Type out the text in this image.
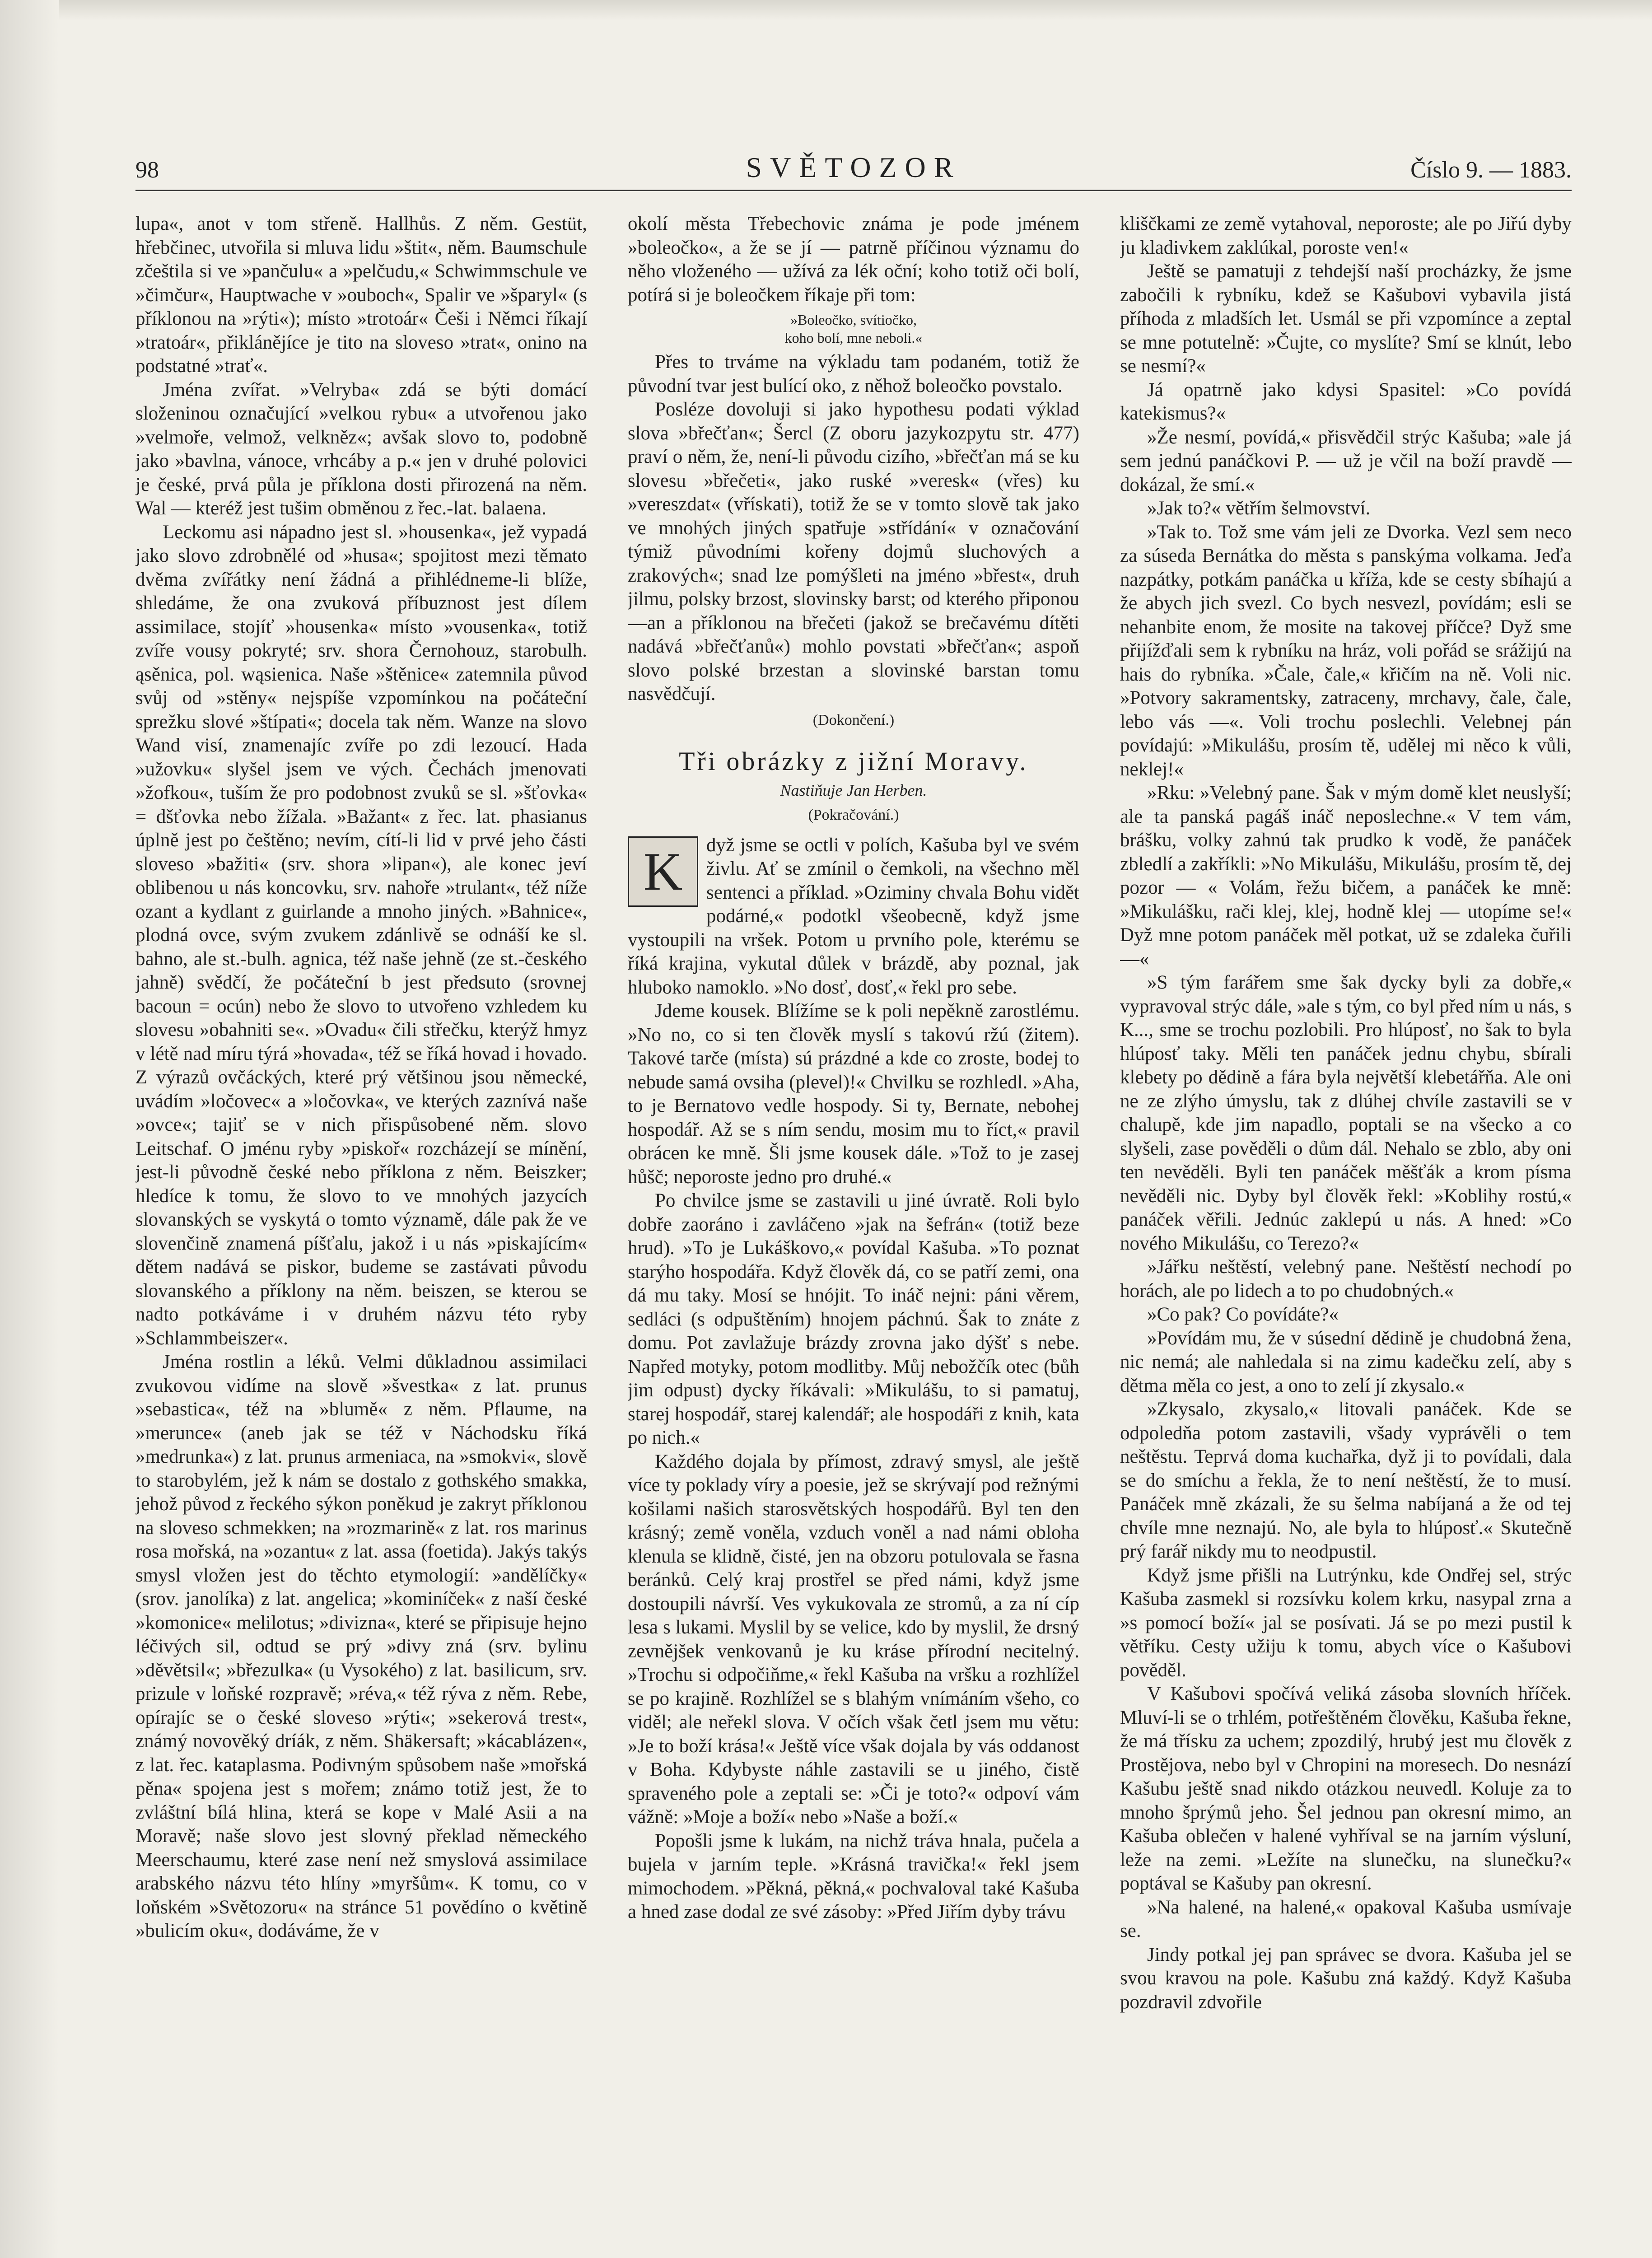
98	SVĚTOZOR	Číslo 9. — 1883.

lupa«, anot v tom střeně. Hallhůs. Z něm. Gestüt, hřebčinec, utvořila si mluva lidu »štit«, něm. Baumschule zčeštila si ve »pančulu« a »pelčudu,« Schwimmschule ve »čimčur«, Hauptwache v »ouboch«, Spalir ve »šparyl« (s příklonou na »rýti«); místo »trotoár« Češi i Němci říkají »tratoár«, přiklánějíce je tito na sloveso »trat«, onino na podstatné »trať«.

Jména zvířat. »Velryba« zdá se býti domácí složeninou označující »velkou rybu« a utvořenou jako »velmoře, velmož, velkněz«; avšak slovo to, podobně jako »bavlna, vánoce, vrhcáby a p.« jen v druhé polovici je české, prvá půla je příklona dosti přirozená na něm. Wal — kteréž jest tušim obměnou z řec.-lat. balaena.

Leckomu asi nápadno jest sl. »housenka«, jež vypadá jako slovo zdrobnělé od »husa«; spojitost mezi těmato dvěma zvířátky není žádná a přihlédneme-li blíže, shledáme, že ona zvuková příbuznost jest dílem assimilace, stojíť »housenka« místo »vousenka«, totiž zvíře vousy pokryté; srv. shora Černohouz, starobulh. ąsěnica, pol. wąsienica. Naše »štěnice« zatemnila původ svůj od »stěny« nejspíše vzpomínkou na počáteční sprežku slové »štípati«; docela tak něm. Wanze na slovo Wand visí, znamenajíc zvíře po zdi lezoucí. Hada »užovku« slyšel jsem ve vých. Čechách jmenovati »žofkou«, tuším že pro podobnost zvuků se sl. »šťovka« = dšťovka nebo žížala. »Bažant« z řec. lat. phasianus úplně jest po češtěno; nevím, cítí-li lid v prvé jeho části sloveso »bažiti« (srv. shora »lipan«), ale konec jeví oblibenou u nás koncovku, srv. nahoře »trulant«, též níže ozant a kydlant z guirlande a mnoho jiných. »Bahnice«, plodná ovce, svým zvukem zdánlivě se odnáší ke sl. bahno, ale st.-bulh. agnica, též naše jehně (ze st.-českého jahně) svědčí, že počáteční b jest předsuto (srovnej bacoun = ocún) nebo že slovo to utvořeno vzhledem ku slovesu »obahniti se«. »Ovadu« čili střečku, kterýž hmyz v létě nad míru týrá »hovada«, též se říká hovad i hovado. Z výrazů ovčáckých, které prý většinou jsou německé, uvádím »ločovec« a »ločovka«, ve kterých zaznívá naše »ovce«; tajiť se v nich přispůsobené něm. slovo Leitschaf. O jménu ryby »piskoř« rozcházejí se mínění, jest-li původně české nebo příklona z něm. Beiszker; hledíce k tomu, že slovo to ve mnohých jazycích slovanských se vyskytá o tomto významě, dále pak že ve slovenčině znamená píšťalu, jakož i u nás »piskajícím« dětem nadává se piskor, budeme se zastávati původu slovanského a příklony na něm. beiszen, se kterou se nadto potkáváme i v druhém názvu této ryby »Schlammbeiszer«.

Jména rostlin a léků. Velmi důkladnou assimilaci zvukovou vidíme na slově »švestka« z lat. prunus »sebastica«, též na »blumě« z něm. Pflaume, na »merunce« (aneb jak se též v Náchodsku říká »medrunka«) z lat. prunus armeniaca, na »smokvi«, slově to starobylém, jež k nám se dostalo z gothského smakka, jehož původ z řeckého sýkon poněkud je zakryt příklonou na sloveso schmekken; na »rozmarině« z lat. ros marinus rosa mořská, na »ozantu« z lat. assa (foetida). Jakýs takýs smysl vložen jest do těchto etymologií: »andělíčky« (srov. janolíka) z lat. angelica; »kominíček« z naší české »komonice« melilotus; »divizna«, které se připisuje hejno léčivých sil, odtud se prý »divy zná (srv. bylinu »děvětsil«; »březulka« (u Vysokého) z lat. basilicum, srv. prizule v loňské rozpravě; »réva,« též rýva z něm. Rebe, opírajíc se o české sloveso »rýti«; »sekerová trest«, známý novověký dríák, z něm. Shäkersaft; »kácablázen«, z lat. řec. kataplasma. Podivným spůsobem naše »mořská pěna« spojena jest s mořem; známo totiž jest, že to zvláštní bílá hlina, která se kope v Malé Asii a na Moravě; naše slovo jest slovný překlad německého Meerschaumu, které zase není než smyslová assimilace arabského názvu této hlíny »myršům«. K tomu, co v loňském »Světozoru« na stránce 51 povědíno o květině »bulicím oku«, dodáváme, že v

okolí města Třebechovic známa je pode jménem »boleočko«, a že se jí — patrně příčinou významu do něho vloženého — užívá za lék oční; koho totiž oči bolí, potírá si je boleočkem říkaje při tom:

»Boleočko, svítiočko,
koho bolí, mne neboli.«

Přes to trváme na výkladu tam podaném, totiž že původní tvar jest bulící oko, z něhož boleočko povstalo.

Posléze dovoluji si jako hypothesu podati výklad slova »břečťan«; Šercl (Z oboru jazykozpytu str. 477) praví o něm, že, není-li původu cizího, »břečťan má se ku slovesu »břečeti«, jako ruské »veresk« (vřes) ku »vereszdat« (vřískati), totiž že se v tomto slově tak jako ve mnohých jiných spatřuje »střídání« v označování týmiž původními kořeny dojmů sluchových a zrakových«; snad lze pomýšleti na jméno »břest«, druh jilmu, polsky brzost, slovinsky barst; od kterého připonou —an a příklonou na břečeti (jakož se brečavému dítěti nadává »břečťanů«) mohlo povstati »břečťan«; aspoň slovo polské brzestan a slovinské barstan tomu nasvědčují.

(Dokončení.)
Tři obrázky z jižní Moravy.
Nastiňuje Jan Herben.
(Pokračování.)
K	dyž jsme se octli v polích, Kašuba byl ve svém živlu. Ať se zmínil o čemkoli, na všechno měl sentenci a příklad. »Oziminy chvala Bohu vidět podárné,« podotkl všeobecně, když jsme vystoupili na vršek. Potom u prvního pole, kterému se říká krajina, vykutal důlek v brázdě, aby poznal, jak hluboko namoklo. »No dosť, dosť,« řekl pro sebe.

Jdeme kousek. Blížíme se k poli nepěkně zarostlému. »No no, co si ten člověk myslí s takovú ržú (žitem). Takové tarče (místa) sú prázdné a kde co zroste, bodej to nebude samá ovsiha (plevel)!« Chvilku se rozhledl. »Aha, to je Bernatovo vedle hospody. Si ty, Bernate, nebohej hospodář. Až se s ním sendu, mosim mu to říct,« pravil obrácen ke mně. Šli jsme kousek dále. »Tož to je zasej hůšč; neporoste jedno pro druhé.«

Po chvilce jsme se zastavili u jiné úvratě. Roli bylo dobře zaoráno i zavláčeno »jak na šefrán« (totiž beze hrud). »To je Lukáškovo,« povídal Kašuba. »To poznat starýho hospodářa. Když člověk dá, co se patří zemi, ona dá mu taky. Mosí se hnójit. To ináč nejni: páni věrem, sedláci (s odpuštěním) hnojem páchnú. Šak to znáte z domu. Pot zavlažuje brázdy zrovna jako dýšť s nebe. Napřed motyky, potom modlitby. Můj nebožčík otec (bůh jim odpust) dycky říkávali: »Mikulášu, to si pamatuj, starej hospodář, starej kalendář; ale hospodáři z knih, kata po nich.«

Každého dojala by přímost, zdravý smysl, ale ještě více ty poklady víry a poesie, jež se skrývají pod režnými košilami našich starosvětských hospodářů. Byl ten den krásný; země voněla, vzduch voněl a nad námi obloha klenula se klidně, čisté, jen na obzoru potulovala se řasna beránků. Celý kraj prostřel se před námi, když jsme dostoupili návrší. Ves vykukovala ze stromů, a za ní cíp lesa s lukami. Myslil by se velice, kdo by myslil, že drsný zevnějšek venkovanů je ku kráse přírodní necitelný. »Trochu si odpočiňme,« řekl Kašuba na vršku a rozhlížel se po krajině. Rozhlížel se s blahým vnímáním všeho, co viděl; ale neřekl slova. V očích však četl jsem mu větu: »Je to boží krása!« Ještě více však dojala by vás oddanost v Boha. Kdybyste náhle zastavili se u jiného, čistě spraveného pole a zeptali se: »Či je toto?« odpoví vám vážně: »Moje a boží« nebo »Naše a boží.«

Popošli jsme k lukám, na nichž tráva hnala, pučela a bujela v jarním teple. »Krásná travička!« řekl jsem mimochodem. »Pěkná, pěkná,« pochvaloval také Kašuba a hned zase dodal ze své zásoby: »Před Jiřím dyby trávu

kliščkami ze země vytahoval, neporoste; ale po Jiřú dyby ju kladivkem zaklúkal, poroste ven!«

Ještě se pamatuji z tehdejší naší procházky, že jsme zabočili k rybníku, kdež se Kašubovi vybavila jistá příhoda z mladších let. Usmál se při vzpomínce a zeptal se mne potutelně: »Čujte, co myslíte? Smí se klnút, lebo se nesmí?«

Já opatrně jako kdysi Spasitel: »Co povídá katekismus?«

»Že nesmí, povídá,« přisvědčil strýc Kašuba; »ale já sem jednú panáčkovi P. — už je včil na boží pravdě — dokázal, že smí.«

»Jak to?« větřím šelmovství.

»Tak to. Tož sme vám jeli ze Dvorka. Vezl sem neco za súseda Bernátka do města s panskýma volkama. Jeďa nazpátky, potkám panáčka u kříža, kde se cesty sbíhajú a že abych jich svezl. Co bych nesvezl, povídám; esli se nehanbite enom, že mosite na takovej příčce? Dyž sme přijížďali sem k rybníku na hráz, voli pořád se srážijú na hais do rybníka. »Čale, čale,« křičím na ně. Voli nic. »Potvory sakramentsky, zatraceny, mrchavy, čale, čale, lebo vás —«. Voli trochu poslechli. Velebnej pán povídajú: »Mikulášu, prosím tě, udělej mi něco k vůli, neklej!«

»Rku: »Velebný pane. Šak v mým domě klet neuslyší; ale ta panská pagáš ináč neposlechne.« V tem vám, brášku, volky zahnú tak prudko k vodě, že panáček zbledlí a zakříkli: »No Mikulášu, Mikulášu, prosím tě, dej pozor — « Volám, řežu bičem, a panáček ke mně: »Mikulášku, rači klej, klej, hodně klej — utopíme se!« Dyž mne potom panáček měl potkat, už se zdaleka čuřili —«

»S tým farářem sme šak dycky byli za dobře,« vypravoval strýc dále, »ale s tým, co byl před ním u nás, s K..., sme se trochu pozlobili. Pro hlúposť, no šak to byla hlúposť taky. Měli ten panáček jednu chybu, sbírali klebety po dědině a fára byla největší klebetářňa. Ale oni ne ze zlýho úmyslu, tak z dlúhej chvíle zastavili se v chalupě, kde jim napadlo, poptali se na všecko a co slyšeli, zase pověděli o dům dál. Nehalo se zblo, aby oni ten nevěděli. Byli ten panáček měšťák a krom písma nevěděli nic. Dyby byl člověk řekl: »Koblihy rostú,« panáček věřili. Jednúc zaklepú u nás. A hned: »Co nového Mikulášu, co Terezo?«

»Jářku neštěstí, velebný pane. Neštěstí nechodí po horách, ale po lidech a to po chudobných.«

»Co pak? Co povídáte?«

»Povídám mu, že v súsední dědině je chudobná žena, nic nemá; ale nahledala si na zimu kadečku zelí, aby s dětma měla co jest, a ono to zelí jí zkysalo.«

»Zkysalo, zkysalo,« litovali panáček. Kde se odpoledňa potom zastavili, všady vyprávěli o tem neštěstu. Teprvá doma kuchařka, dyž ji to povídali, dala se do smíchu a řekla, že to není neštěstí, že to musí. Panáček mně zkázali, že su šelma nabíjaná a že od tej chvíle mne neznajú. No, ale byla to hlúposť.« Skutečně prý farář nikdy mu to neodpustil.

Když jsme přišli na Lutrýnku, kde Ondřej sel, strýc Kašuba zasmekl si rozsívku kolem krku, nasypal zrna a »s pomocí boží« jal se posívati. Já se po mezi pustil k větříku. Cesty užiju k tomu, abych více o Kašubovi pověděl.

V Kašubovi spočívá veliká zásoba slovních hříček. Mluví-li se o trhlém, potřeštěném člověku, Kašuba řekne, že má třísku za uchem; zpozdilý, hrubý jest mu člověk z Prostějova, nebo byl v Chropini na moresech. Do nesnází Kašubu ještě snad nikdo otázkou neuvedl. Koluje za to mnoho šprýmů jeho. Šel jednou pan okresní mimo, an Kašuba oblečen v halené vyhříval se na jarním výsluní, leže na zemi. »Ležíte na slunečku, na slunečku?« poptával se Kašuby pan okresní.

»Na halené, na halené,« opakoval Kašuba usmívaje se.

Jindy potkal jej pan správec se dvora. Kašuba jel se svou kravou na pole. Kašubu zná každý. Když Kašuba pozdravil zdvořile
